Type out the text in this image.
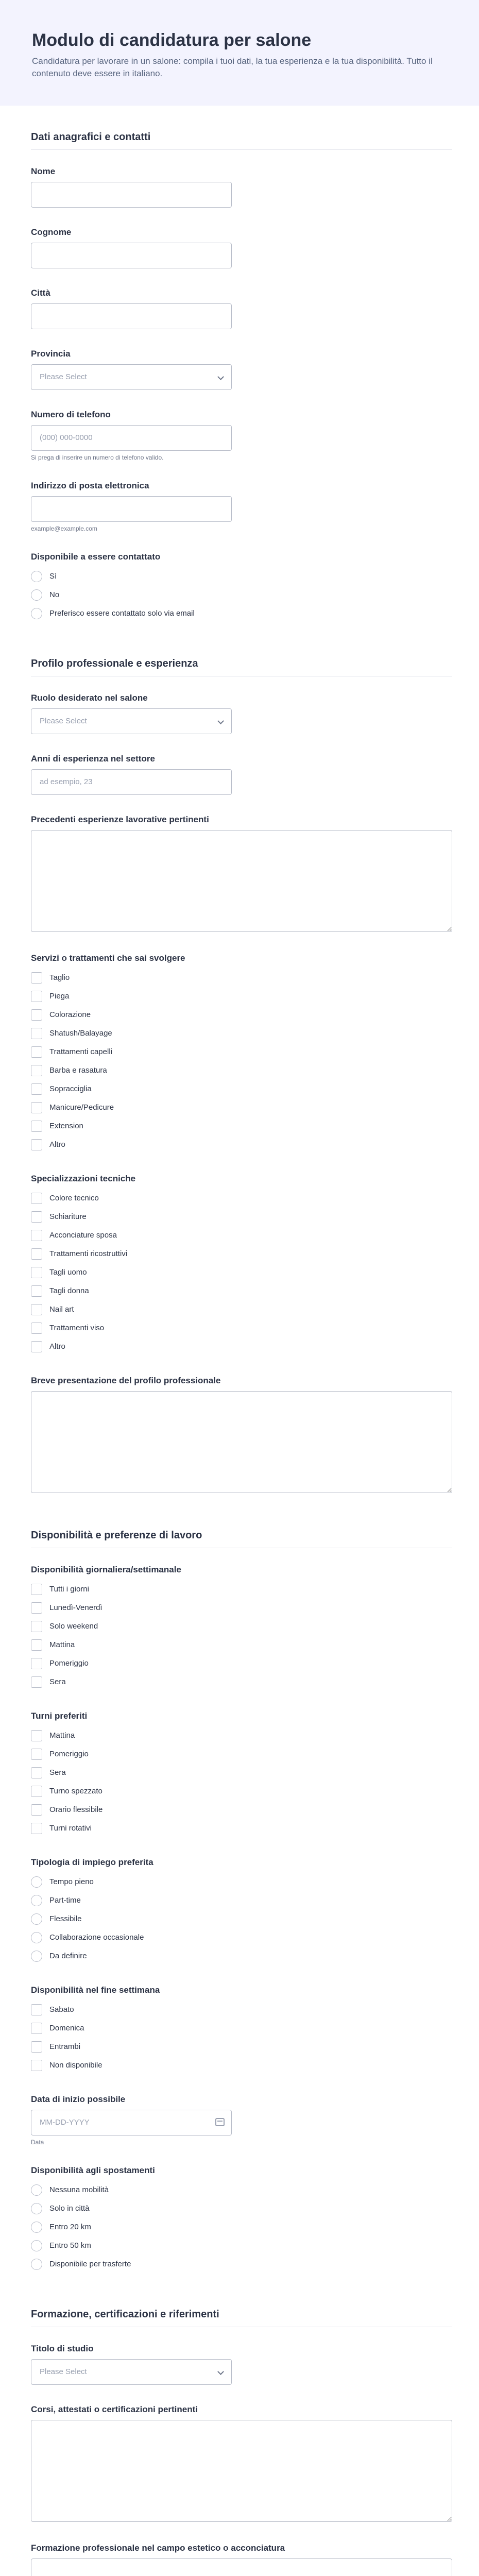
Modulo di candidatura per salone

Candidatura per lavorare in un salone: compila i tuoi dati, la tua esperienza e la tua disponibilità. Tutto il contenuto deve essere in italiano.

Dati anagrafici e contatti
Nome
Cognome
Città
Provincia
Please Select
Numero di telefono
(000) 000-0000
Si prega di inserire un numero di telefono valido.
Indirizzo di posta elettronica
example@example.com
Disponibile a essere contattato
Sì
No
Preferisco essere contattato solo via email
Profilo professionale e esperienza
Ruolo desiderato nel salone
Please Select
Anni di esperienza nel settore
ad esempio, 23
Precedenti esperienze lavorative pertinenti
Servizi o trattamenti che sai svolgere
Taglio
Piega
Colorazione
Shatush/Balayage
Trattamenti capelli
Barba e rasatura
Sopracciglia
Manicure/Pedicure
Extension
Altro
Specializzazioni tecniche
Colore tecnico
Schiariture
Acconciature sposa
Trattamenti ricostruttivi
Tagli uomo
Tagli donna
Nail art
Trattamenti viso
Altro
Breve presentazione del profilo professionale
Disponibilità e preferenze di lavoro
Disponibilità giornaliera/settimanale
Tutti i giorni
Lunedì-Venerdì
Solo weekend
Mattina
Pomeriggio
Sera
Turni preferiti
Mattina
Pomeriggio
Sera
Turno spezzato
Orario flessibile
Turni rotativi
Tipologia di impiego preferita
Tempo pieno
Part-time
Flessibile
Collaborazione occasionale
Da definire
Disponibilità nel fine settimana
Sabato
Domenica
Entrambi
Non disponibile
Data di inizio possibile
MM-DD-YYYY
Data
Disponibilità agli spostamenti
Nessuna mobilità
Solo in città
Entro 20 km
Entro 50 km
Disponibile per trasferte
Formazione, certificazioni e riferimenti
Titolo di studio
Please Select
Corsi, attestati o certificazioni pertinenti
Formazione professionale nel campo estetico o acconciatura
